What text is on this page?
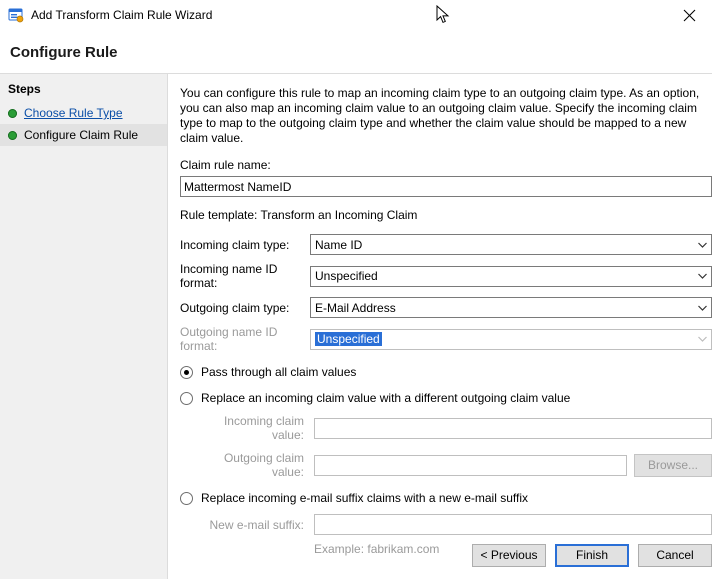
Add Transform Claim Rule Wizard
Configure Rule
Steps
Choose Rule Type
Configure Claim Rule

You can configure this rule to map an incoming claim type to an outgoing claim type. As an option, you can also map an incoming claim value to an outgoing claim value. Specify the incoming claim type to map to the outgoing claim type and whether the claim value should be mapped to a new claim value.

Claim rule name:
Mattermost NameID
Rule template: Transform an Incoming Claim
Incoming claim type:	Name ID
Incoming name ID format:	Unspecified
Outgoing claim type:	E-Mail Address
Outgoing name ID format:	Unspecified
Pass through all claim values
Replace an incoming claim value with a different outgoing claim value
Incoming claim value:
Outgoing claim value:	Browse...
Replace incoming e-mail suffix claims with a new e-mail suffix
New e-mail suffix:
Example: fabrikam.com	< Previous	Finish	Cancel
